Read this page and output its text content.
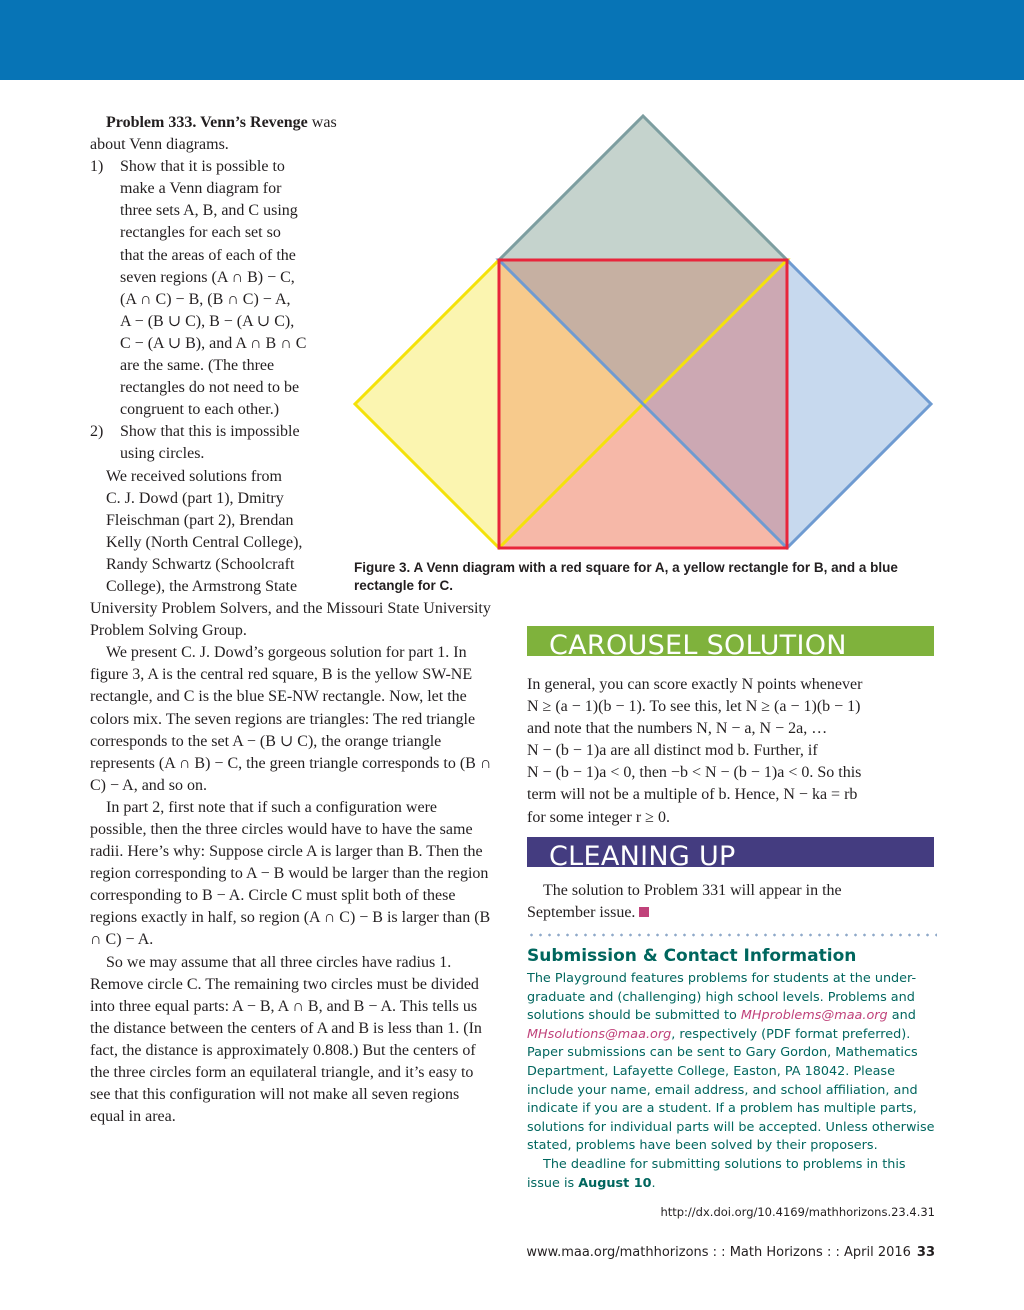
Problem 333. Venn’s Revenge was about Venn diagrams.

1)	Show that it is possible to
make a Venn diagram for
three sets A, B, and C using
rectangles for each set so
that the areas of each of the
seven regions (A ∩ B) − C,
(A ∩ C) − B, (B ∩ C) − A,
A − (B ∪ C), B − (A ∪ C),
C − (A ∪ B), and A ∩ B ∩ C
are the same. (The three
rectangles do not need to be
congruent to each other.)
2)	Show that this is impossible
using circles.
We received solutions from
C. J. Dowd (part 1), Dmitry
Fleischman (part 2), Brendan
Kelly (North Central College),
Randy Schwartz (Schoolcraft
College), the Armstrong State

University Problem Solvers, and the Missouri State University Problem Solving Group.

We present C. J. Dowd’s gorgeous solution for part 1. In figure 3, A is the central red square, B is the yellow SW-NE rectangle, and C is the blue SE-NW rectangle. Now, let the colors mix. The seven regions are triangles: The red triangle corresponds to the set A − (B ∪ C), the orange triangle represents (A ∩ B) − C, the green triangle corresponds to (B ∩ C) − A, and so on.

In part 2, first note that if such a configuration were possible, then the three circles would have to have the same radii. Here’s why: Suppose circle A is larger than B. Then the region corresponding to A − B would be larger than the region corresponding to B − A. Circle C must split both of these regions exactly in half, so region (A ∩ C) − B is larger than (B ∩ C) − A.

So we may assume that all three circles have radius 1. Remove circle C. The remaining two circles must be divided into three equal parts: A − B, A ∩ B, and B − A. This tells us the distance between the centers of A and B is less than 1. (In fact, the distance is approximately 0.808.) But the centers of the three circles form an equilateral triangle, and it’s easy to see that this configuration will not make all seven regions equal in area.

Figure 3. A Venn diagram with a red square for A, a yellow rectangle for B, and a blue rectangle for C.
CAROUSEL SOLUTION
In general, you can score exactly N points whenever
N ≥ (a − 1)(b − 1). To see this, let N ≥ (a − 1)(b − 1)
and note that the numbers N, N − a, N − 2a, …
N − (b − 1)a are all distinct mod b. Further, if
N − (b − 1)a < 0, then −b < N − (b − 1)a < 0. So this
term will not be a multiple of b. Hence, N − ka = rb
for some integer r ≥ 0.
CLEANING UP
The solution to Problem 331 will appear in the
September issue.
Submission & Contact Information
The Playground features problems for students at the under-graduate and (challenging) high school levels. Problems and solutions should be submitted to MHproblems@maa.org and MHsolutions@maa.org, respectively (PDF format preferred). Paper submissions can be sent to Gary Gordon, Mathematics Department, Lafayette College, Easton, PA 18042. Please include your name, email address, and school affiliation, and indicate if you are a student. If a problem has multiple parts, solutions for individual parts will be accepted. Unless otherwise stated, problems have been solved by their proposers.
The deadline for submitting solutions to problems in this issue is August 10.
http://dx.doi.org/10.4169/mathhorizons.23.4.31
www.maa.org/mathhorizons : : Math Horizons : : April 2016 33
